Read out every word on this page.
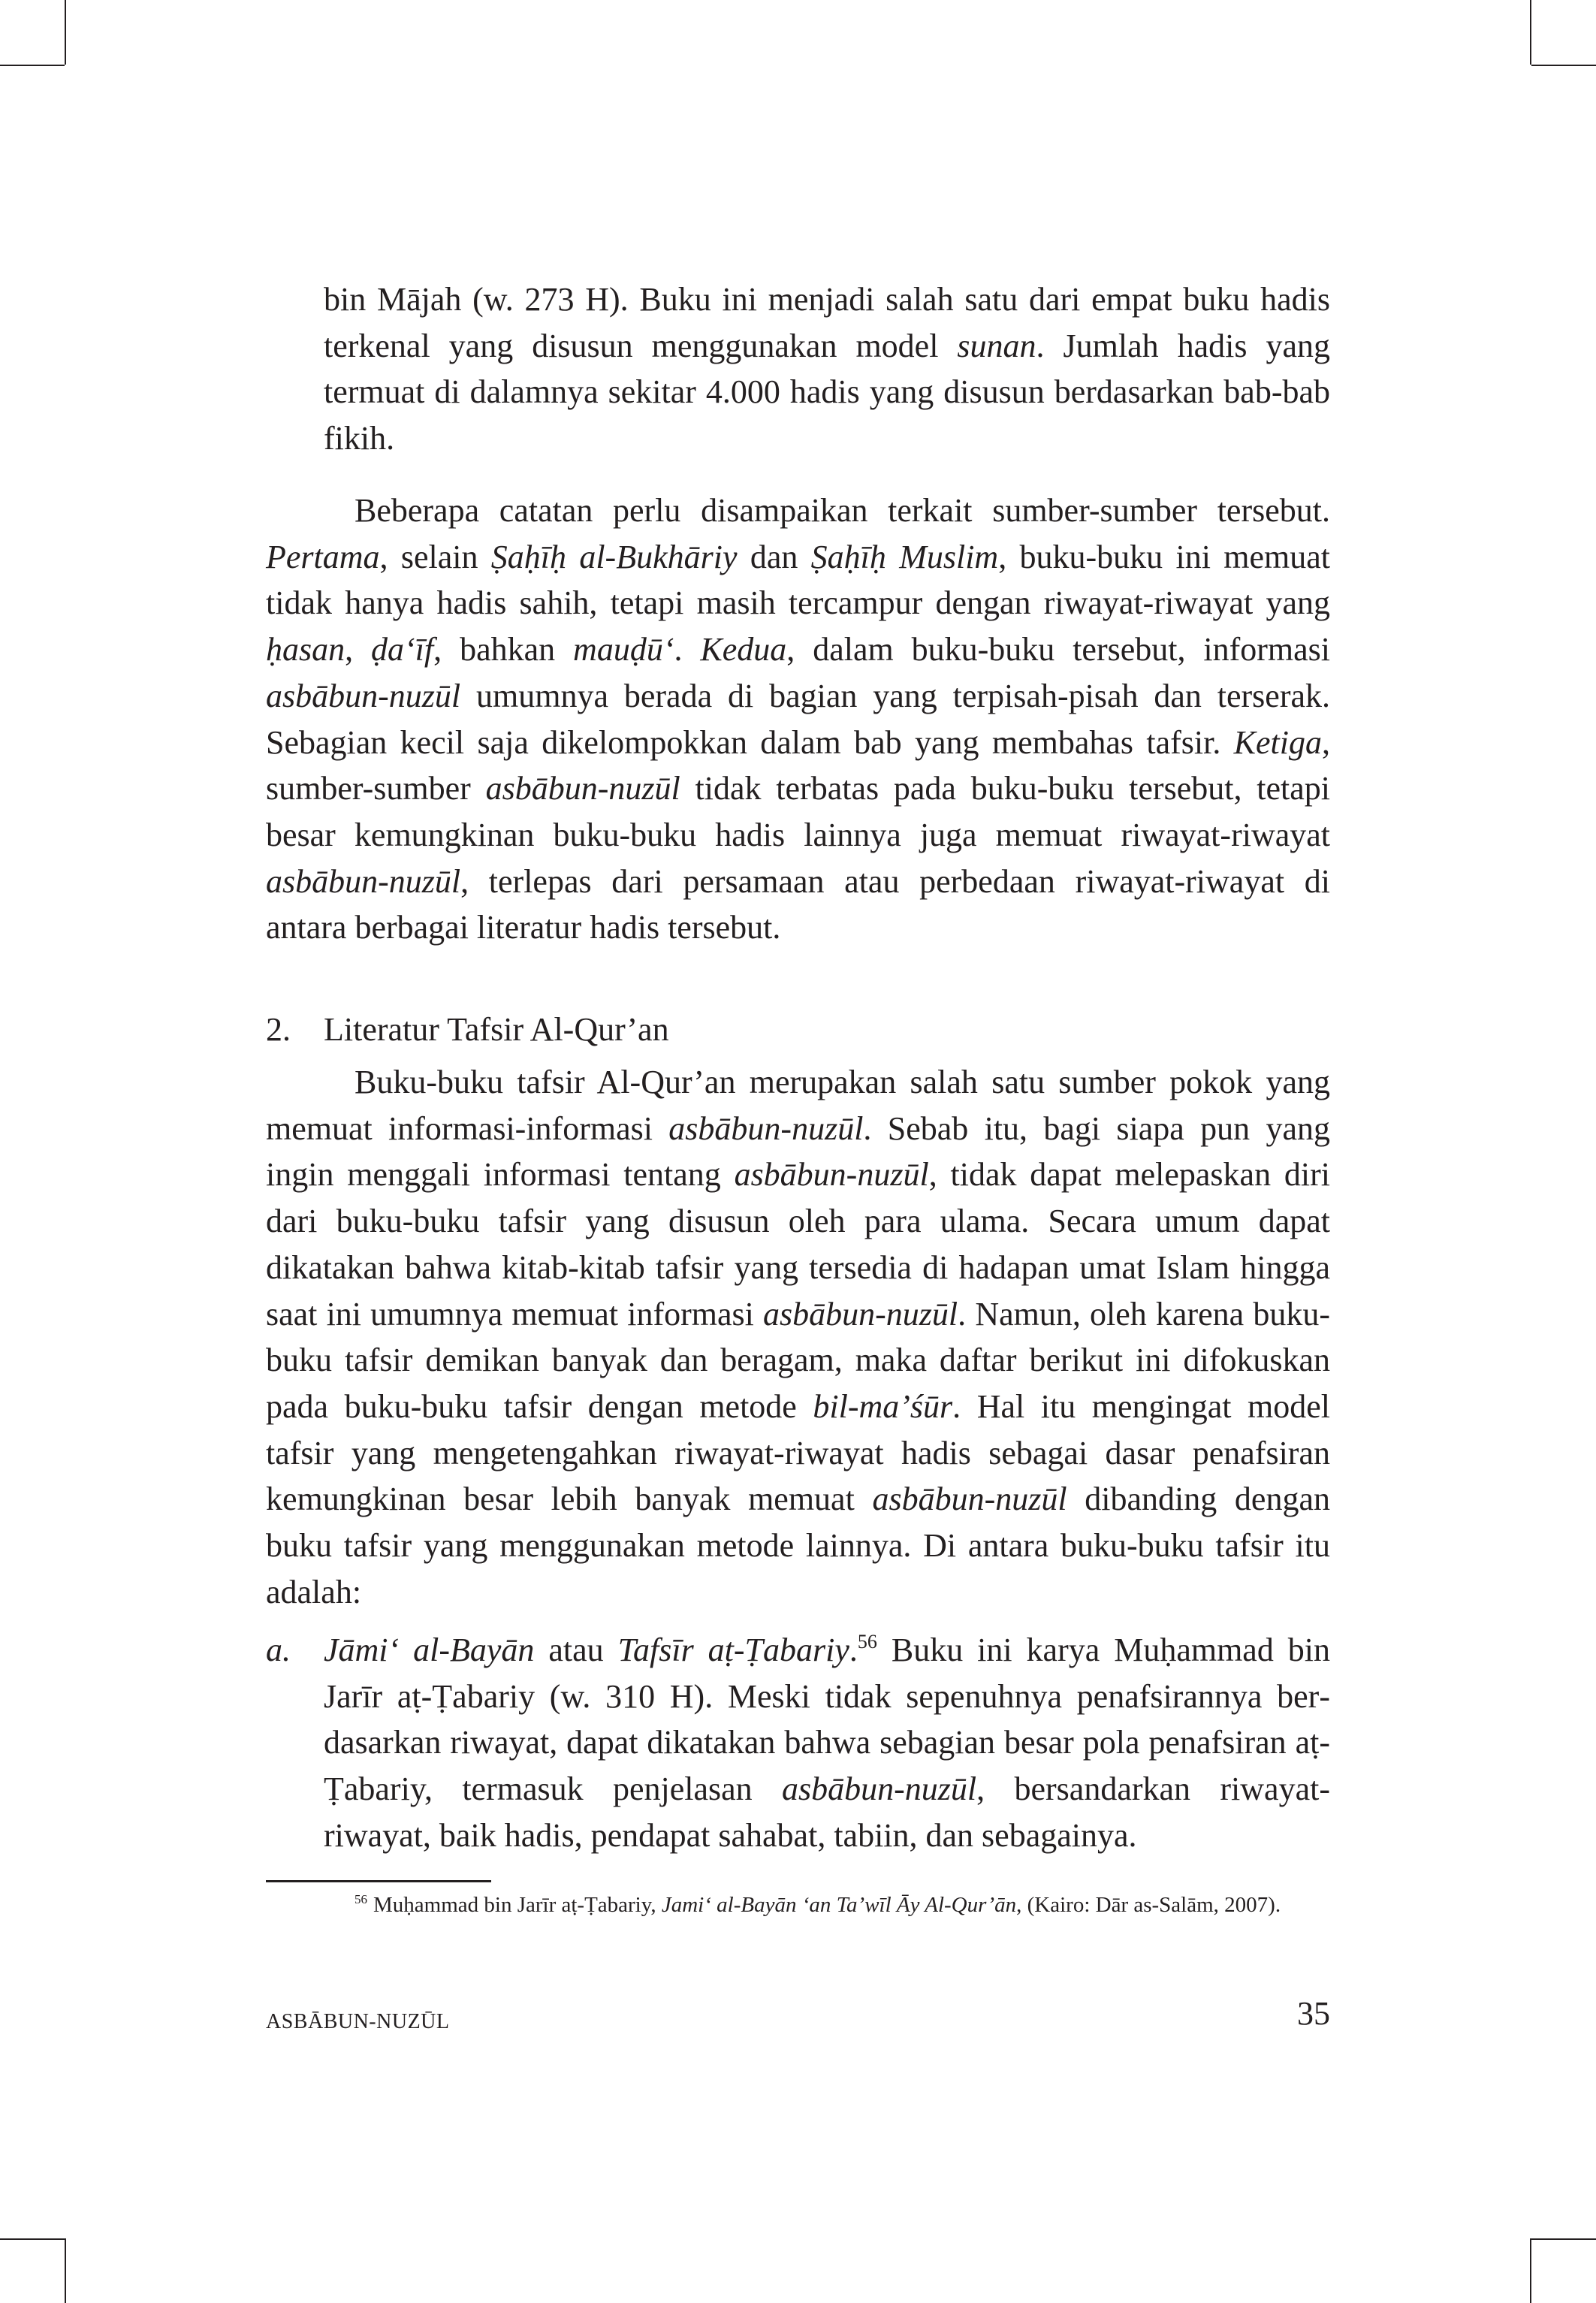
bin Mājah (w. 273 H). Buku ini menjadi salah satu dari empat buku hadis terkenal yang disusun menggunakan model sunan. Jumlah hadis yang termuat di dalamnya sekitar 4.000 hadis yang disusun berdasarkan bab-bab fikih.

Beberapa catatan perlu disampaikan terkait sumber-sumber tersebut. Pertama, selain Ṣaḥīḥ al-Bukhāriy dan Ṣaḥīḥ Muslim, buku-buku ini memuat tidak hanya hadis sahih, tetapi masih tercampur dengan riwayat-riwayat yang ḥasan, ḍa‘īf, bahkan mauḍū‘. Kedua, dalam buku-buku tersebut, informasi asbābun-nuzūl umumnya berada di bagian yang terpisah-pisah dan terserak. Sebagian kecil saja dikelompokkan dalam bab yang membahas tafsir. Ketiga, sumber-sumber asbābun-nuzūl tidak terbatas pada buku-buku tersebut, tetapi besar kemungkinan buku-buku hadis lainnya juga memuat riwayat-riwayat asbābun-nuzūl, terlepas dari persamaan atau perbedaan riwayat-riwayat di antara berbagai literatur hadis tersebut.

2. Literatur Tafsir Al-Qur’an

Buku-buku tafsir Al-Qur’an merupakan salah satu sumber pokok yang memuat informasi-informasi asbābun-nuzūl. Sebab itu, bagi siapa pun yang ingin menggali informasi tentang asbābun-nuzūl, tidak dapat melepaskan diri dari buku-buku tafsir yang disusun oleh para ulama. Secara umum dapat dikatakan bahwa kitab-kitab tafsir yang tersedia di hadapan umat Islam hingga saat ini umumnya memuat informasi asbābun-nuzūl. Namun, oleh karena buku-buku tafsir demikan banyak dan beragam, maka daftar berikut ini difokuskan pada buku-buku tafsir dengan metode bil-ma’śūr. Hal itu mengingat model tafsir yang mengetengahkan riwayat-riwayat hadis sebagai dasar penafsiran kemungkinan besar lebih banyak memuat asbābun-nuzūl dibanding dengan buku tafsir yang menggunakan metode lainnya. Di antara buku-buku tafsir itu adalah:

a. Jāmi‘ al-Bayān atau Tafsīr aṭ-Ṭabariy.$^{56}$ Buku ini karya Muḥammad bin Jarīr aṭ-Ṭabariy (w. 310 H). Meski tidak sepenuhnya penafsirannya berdasarkan riwayat, dapat dikatakan bahwa sebagian besar pola penafsiran aṭ-Ṭabariy, termasuk penjelasan asbābun-nuzūl, bersandarkan riwayat-riwayat, baik hadis, pendapat sahabat, tabiin, dan sebagainya.
$^{56}$ Muḥammad bin Jarīr aṭ-Ṭabariy, Jami‘ al-Bayān ‘an Ta’wīl Āy Al-Qur’ān, (Kairo: Dār as-Salām, 2007).
ASBĀBUN-NUZŪL	35
